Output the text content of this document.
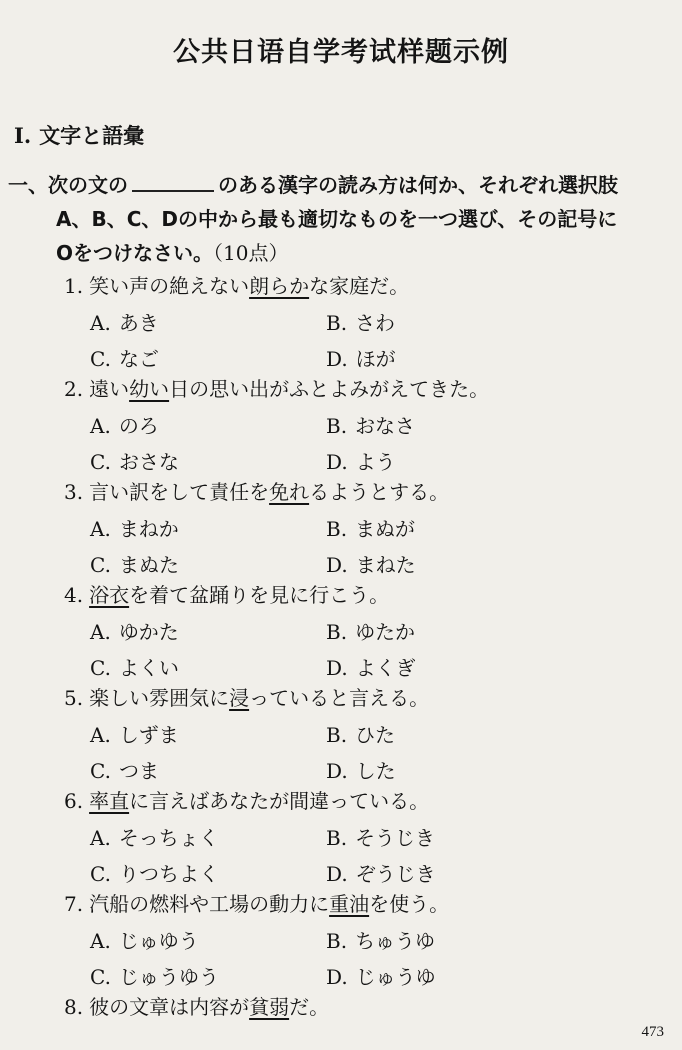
公共日语自学考试样题示例
Ⅰ. 文字と語彙
一、次の文の	のある漢字の読み方は何か、それぞれ選択肢
A、B、C、Dの中から最も適切なものを一つ選び、その記号に
Oをつけなさい。（10点）
1. 笑い声の絶えない朗らかな家庭だ。
A. あき	B. さわ
C. なご	D. ほが
2. 遠い幼い日の思い出がふとよみがえてきた。
A. のろ	B. おなさ
C. おさな	D. よう
3. 言い訳をして責任を免れるようとする。
A. まねか	B. まぬが
C. まぬた	D. まねた
4. 浴衣を着て盆踊りを見に行こう。
A. ゆかた	B. ゆたか
C. よくい	D. よくぎ
5. 楽しい雰囲気に浸っていると言える。
A. しずま	B. ひた
C. つま	D. した
6. 率直に言えばあなたが間違っている。
A. そっちょく	B. そうじき
C. りつちよく	D. ぞうじき
7. 汽船の燃料や工場の動力に重油を使う。
A. じゅゆう	B. ちゅうゆ
C. じゅうゆう	D. じゅうゆ
8. 彼の文章は内容が貧弱だ。
473
